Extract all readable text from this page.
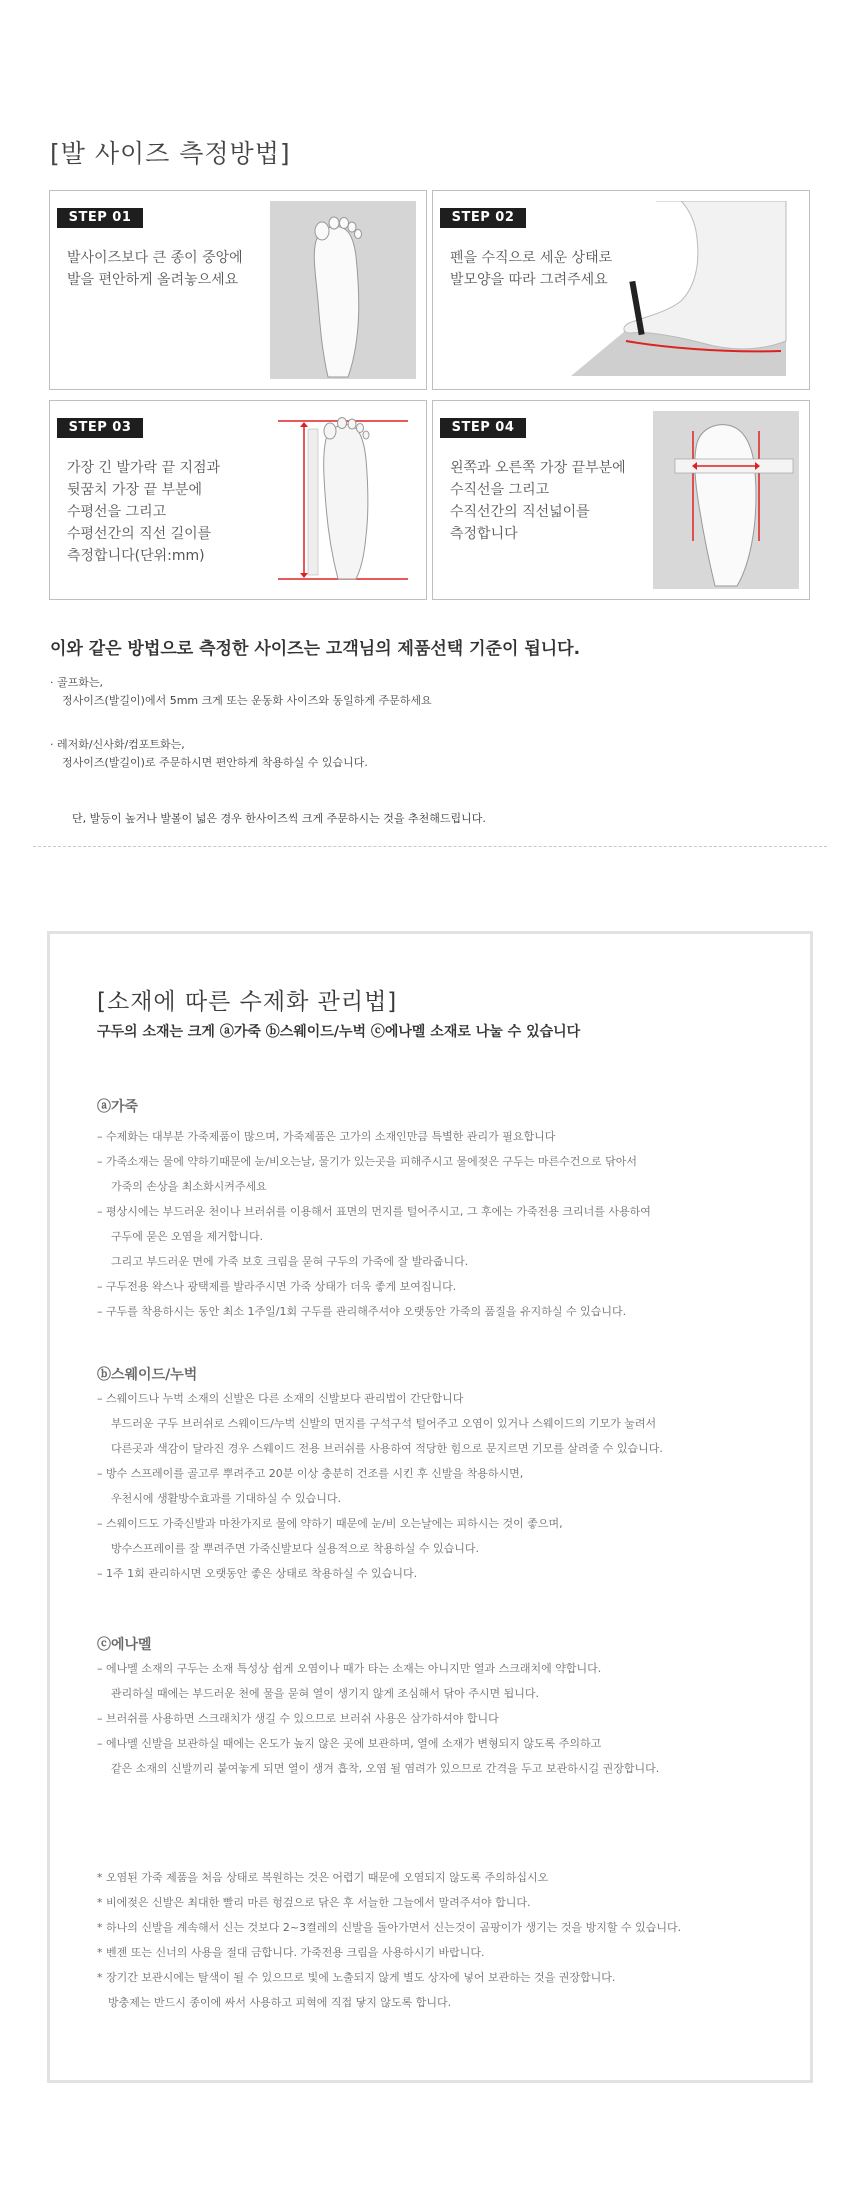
[발 사이즈 측정방법]
STEP 01
발사이즈보다 큰 종이 중앙에
발을 편안하게 올려놓으세요
STEP 02
펜을 수직으로 세운 상태로
발모양을 따라 그려주세요
STEP 03
가장 긴 발가락 끝 지점과
뒷꿈치 가장 끝 부분에
수평선을 그리고
수평선간의 직선 길이를
측정합니다(단위:mm)
STEP 04
왼쪽과 오른쪽 가장 끝부분에
수직선을 그리고
수직선간의 직선넓이를
측정합니다
이와 같은 방법으로 측정한 사이즈는 고객님의 제품선택 기준이 됩니다.
· 골프화는,
정사이즈(발길이)에서 5mm 크게 또는 운동화 사이즈와 동일하게 주문하세요
· 레저화/신사화/컴포트화는,
정사이즈(발길이)로 주문하시면 편안하게 착용하실 수 있습니다.
단, 발등이 높거나 발볼이 넓은 경우 한사이즈씩 크게 주문하시는 것을 추천해드립니다.
[소재에 따른 수제화 관리법]
구두의 소재는 크게 ⓐ가죽 ⓑ스웨이드/누벅 ⓒ에나멜 소재로 나눌 수 있습니다
ⓐ가죽
– 수제화는 대부분 가죽제품이 많으며, 가죽제품은 고가의 소재인만큼 특별한 관리가 필요합니다
– 가죽소재는 물에 약하기때문에 눈/비오는날, 물기가 있는곳을 피해주시고 물에젖은 구두는 마른수건으로 닦아서
가죽의 손상을 최소화시켜주세요
– 평상시에는 부드러운 천이나 브러쉬를 이용해서 표면의 먼지를 털어주시고, 그 후에는 가죽전용 크리너를 사용하여
구두에 묻은 오염을 제거합니다.
그리고 부드러운 면에 가죽 보호 크림을 묻혀 구두의 가죽에 잘 발라줍니다.
– 구두전용 왁스나 광택제를 발라주시면 가죽 상태가 더욱 좋게 보여집니다.
– 구두를 착용하시는 동안 최소 1주일/1회 구두를 관리해주셔야 오랫동안 가죽의 품질을 유지하실 수 있습니다.
ⓑ스웨이드/누벅
– 스웨이드나 누벅 소재의 신발은 다른 소재의 신발보다 관리법이 간단합니다
부드러운 구두 브러쉬로 스웨이드/누벅 신발의 먼지를 구석구석 털어주고 오염이 있거나 스웨이드의 기모가 눌려서
다른곳과 색감이 달라진 경우 스웨이드 전용 브러쉬를 사용하여 적당한 힘으로 문지르면 기모를 살려줄 수 있습니다.
– 방수 스프레이를 골고루 뿌려주고 20분 이상 충분히 건조를 시킨 후 신발을 착용하시면,
우천시에 생활방수효과를 기대하실 수 있습니다.
– 스웨이드도 가죽신발과 마찬가지로 물에 약하기 때문에 눈/비 오는날에는 피하시는 것이 좋으며,
방수스프레이를 잘 뿌려주면 가죽신발보다 실용적으로 착용하실 수 있습니다.
– 1주 1회 관리하시면 오랫동안 좋은 상태로 착용하실 수 있습니다.
ⓒ에나멜
– 에나멜 소재의 구두는 소재 특성상 쉽게 오염이나 때가 타는 소재는 아니지만 열과 스크래치에 약합니다.
관리하실 때에는 부드러운 천에 물을 묻혀 열이 생기지 않게 조심해서 닦아 주시면 됩니다.
– 브러쉬를 사용하면 스크래치가 생길 수 있으므로 브러쉬 사용은 삼가하셔야 합니다
– 에나멜 신발을 보관하실 때에는 온도가 높지 않은 곳에 보관하며, 열에 소재가 변형되지 않도록 주의하고
같은 소재의 신발끼리 붙여놓게 되면 열이 생겨 흡착, 오염 될 염려가 있으므로 간격을 두고 보관하시길 권장합니다.
* 오염된 가죽 제품을 처음 상태로 복원하는 것은 어렵기 때문에 오염되지 않도록 주의하십시오
* 비에젖은 신발은 최대한 빨리 마른 헝겊으로 닦은 후 서늘한 그늘에서 말려주셔야 합니다.
* 하나의 신발을 계속해서 신는 것보다 2~3켤레의 신발을 돌아가면서 신는것이 곰팡이가 생기는 것을 방지할 수 있습니다.
* 벤젠 또는 신너의 사용을 절대 금합니다. 가죽전용 크림을 사용하시기 바랍니다.
* 장기간 보관시에는 탈색이 될 수 있으므로 빛에 노출되지 않게 별도 상자에 넣어 보관하는 것을 권장합니다.
방충제는 반드시 종이에 싸서 사용하고 피혁에 직접 닿지 않도록 합니다.
